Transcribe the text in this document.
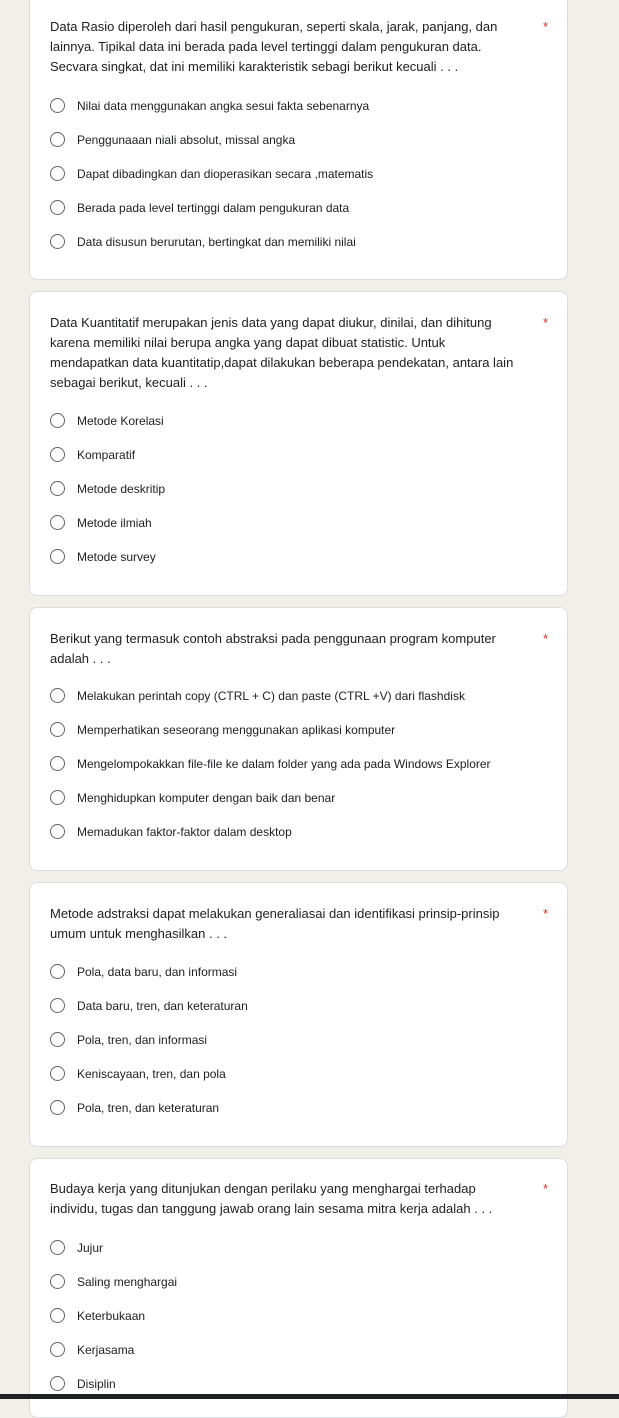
Data Rasio diperoleh dari hasil pengukuran, seperti skala, jarak, panjang, dan
lainnya. Tipikal data ini berada pada level tertinggi dalam pengukuran data.
Secvara singkat, dat ini memiliki karakteristik sebagi berikut kecuali . . .

*
Nilai data menggunakan angka sesui fakta sebenarnya
Penggunaaan niali absolut, missal angka
Dapat dibadingkan dan dioperasikan secara ,matematis
Berada pada level tertinggi dalam pengukuran data
Data disusun berurutan, bertingkat dan memiliki nilai

Data Kuantitatif merupakan jenis data yang dapat diukur, dinilai, dan dihitung
karena memiliki nilai berupa angka yang dapat dibuat statistic. Untuk
mendapatkan data kuantitatip,dapat dilakukan beberapa pendekatan, antara lain
sebagai berikut, kecuali . . .

*
Metode Korelasi
Komparatif
Metode deskritip
Metode ilmiah
Metode survey

Berikut yang termasuk contoh abstraksi pada penggunaan program komputer
adalah . . .

*
Melakukan perintah copy (CTRL + C) dan paste (CTRL +V) dari flashdisk
Memperhatikan seseorang menggunakan aplikasi komputer
Mengelompokakkan file-file ke dalam folder yang ada pada Windows Explorer
Menghidupkan komputer dengan baik dan benar
Memadukan faktor-faktor dalam desktop

Metode adstraksi dapat melakukan generaliasai dan identifikasi prinsip-prinsip
umum untuk menghasilkan . . .

*
Pola, data baru, dan informasi
Data baru, tren, dan keteraturan
Pola, tren, dan informasi
Keniscayaan, tren, dan pola
Pola, tren, dan keteraturan

Budaya kerja yang ditunjukan dengan perilaku yang menghargai terhadap
individu, tugas dan tanggung jawab orang lain sesama mitra kerja adalah . . .

*
Jujur
Saling menghargai
Keterbukaan
Kerjasama
Disiplin
